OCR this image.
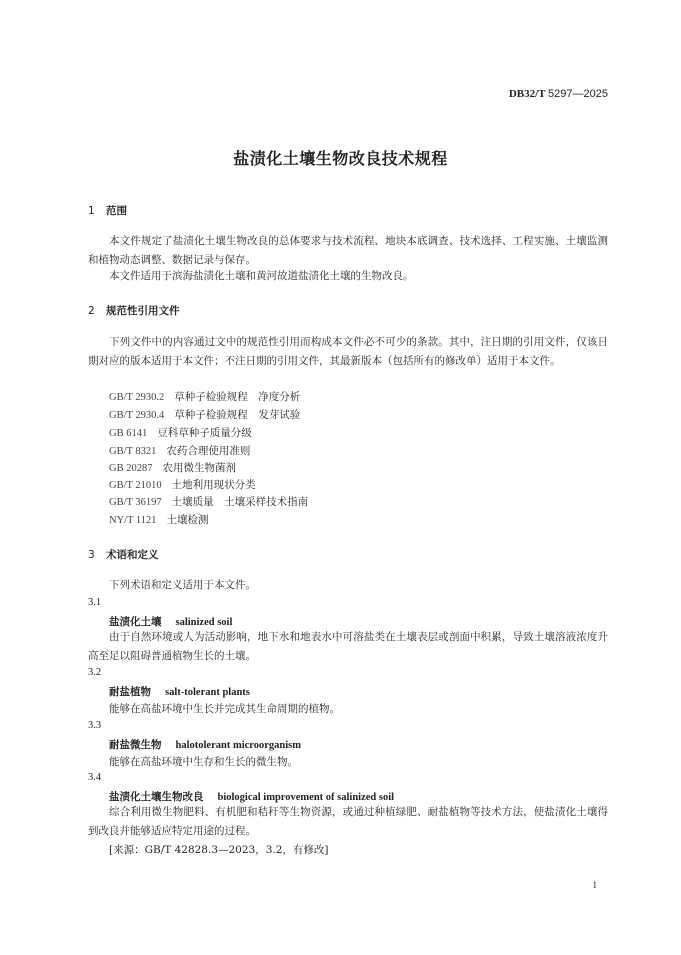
DB32/T 5297—2025
盐渍化土壤生物改良技术规程
1 范围
本文件规定了盐渍化土壤生物改良的总体要求与技术流程、地块本底调查、技术选择、工程实施、土壤监测和植物动态调整、数据记录与保存。
本文件适用于滨海盐渍化土壤和黄河故道盐渍化土壤的生物改良。
2 规范性引用文件
下列文件中的内容通过文中的规范性引用而构成本文件必不可少的条款。其中，注日期的引用文件，仅该日期对应的版本适用于本文件；不注日期的引用文件，其最新版本（包括所有的修改单）适用于本文件。
GB/T 2930.2 草种子检验规程　净度分析
GB/T 2930.4 草种子检验规程　发芽试验
GB 6141 豆科草种子质量分级
GB/T 8321 农药合理使用准则
GB 20287 农用微生物菌剂
GB/T 21010 土地利用现状分类
GB/T 36197 土壤质量　土壤采样技术指南
NY/T 1121 土壤检测
3 术语和定义
下列术语和定义适用于本文件。
3.1
盐渍化土壤 salinized soil
由于自然环境或人为活动影响，地下水和地表水中可溶盐类在土壤表层或剖面中积累，导致土壤溶液浓度升高至足以阻碍普通植物生长的土壤。
3.2
耐盐植物 salt-tolerant plants
能够在高盐环境中生长并完成其生命周期的植物。
3.3
耐盐微生物 halotolerant microorganism
能够在高盐环境中生存和生长的微生物。
3.4
盐渍化土壤生物改良 biological improvement of salinized soil
综合利用微生物肥料、有机肥和秸秆等生物资源，或通过种植绿肥、耐盐植物等技术方法，使盐渍化土壤得到改良并能够适应特定用途的过程。
[来源：GB/T 42828.3—2023，3.2，有修改]
1
